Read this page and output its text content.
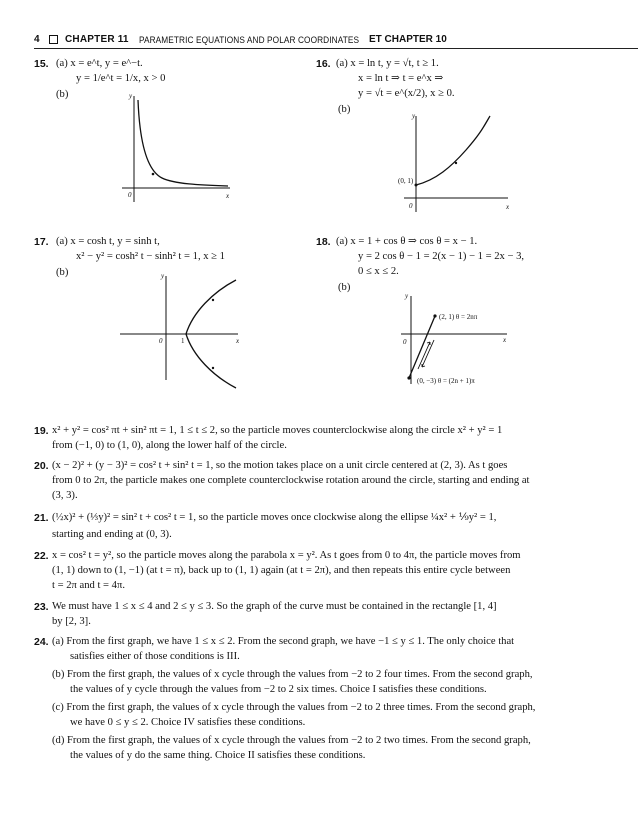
4	CHAPTER 11 PARAMETRIC EQUATIONS AND POLAR COORDINATES ET CHAPTER 10
15. (a) x = e^t, y = e^−t.
y = 1/e^t = 1/x, x > 0
(b)	y
x
0
16. (a) x = ln t, y = √t, t ≥ 1.
x = ln t ⇒ t = e^x ⇒
y = √t = e^(x/2), x ≥ 0.
(b)
y
x
0
(0, 1)
17. (a) x = cosh t, y = sinh t,
x² − y² = cosh² t − sinh² t = 1, x ≥ 1
(b)	y
x
0	1
18. (a) x = 1 + cos θ ⇒ cos θ = x − 1.
y = 2 cos θ − 1 = 2(x − 1) − 1 = 2x − 3,
0 ≤ x ≤ 2.
(b)
y
x
0
(2, 1) θ = 2nπ
(0, −3) θ = (2n + 1)π
19. x² + y² = cos² πt + sin² πt = 1, 1 ≤ t ≤ 2, so the particle moves counterclockwise along the circle x² + y² = 1
from (−1, 0) to (1, 0), along the lower half of the circle.
20. (x − 2)² + (y − 3)² = cos² t + sin² t = 1, so the motion takes place on a unit circle centered at (2, 3). As t goes
from 0 to 2π, the particle makes one complete counterclockwise rotation around the circle, starting and ending at
(3, 3).
21. (½x)² + (⅓y)² = sin² t + cos² t = 1, so the particle moves once clockwise along the ellipse ¼x² + ⅑y² = 1,
starting and ending at (0, 3).
22. x = cos² t = y², so the particle moves along the parabola x = y². As t goes from 0 to 4π, the particle moves from
(1, 1) down to (1, −1) (at t = π), back up to (1, 1) again (at t = 2π), and then repeats this entire cycle between
t = 2π and t = 4π.
23. We must have 1 ≤ x ≤ 4 and 2 ≤ y ≤ 3. So the graph of the curve must be contained in the rectangle [1, 4]
by [2, 3].
24. (a) From the first graph, we have 1 ≤ x ≤ 2. From the second graph, we have −1 ≤ y ≤ 1. The only choice that
satisfies either of those conditions is III.
(b) From the first graph, the values of x cycle through the values from −2 to 2 four times. From the second graph,
the values of y cycle through the values from −2 to 2 six times. Choice I satisfies these conditions.
(c) From the first graph, the values of x cycle through the values from −2 to 2 three times. From the second graph,
we have 0 ≤ y ≤ 2. Choice IV satisfies these conditions.
(d) From the first graph, the values of x cycle through the values from −2 to 2 two times. From the second graph,
the values of y do the same thing. Choice II satisfies these conditions.
